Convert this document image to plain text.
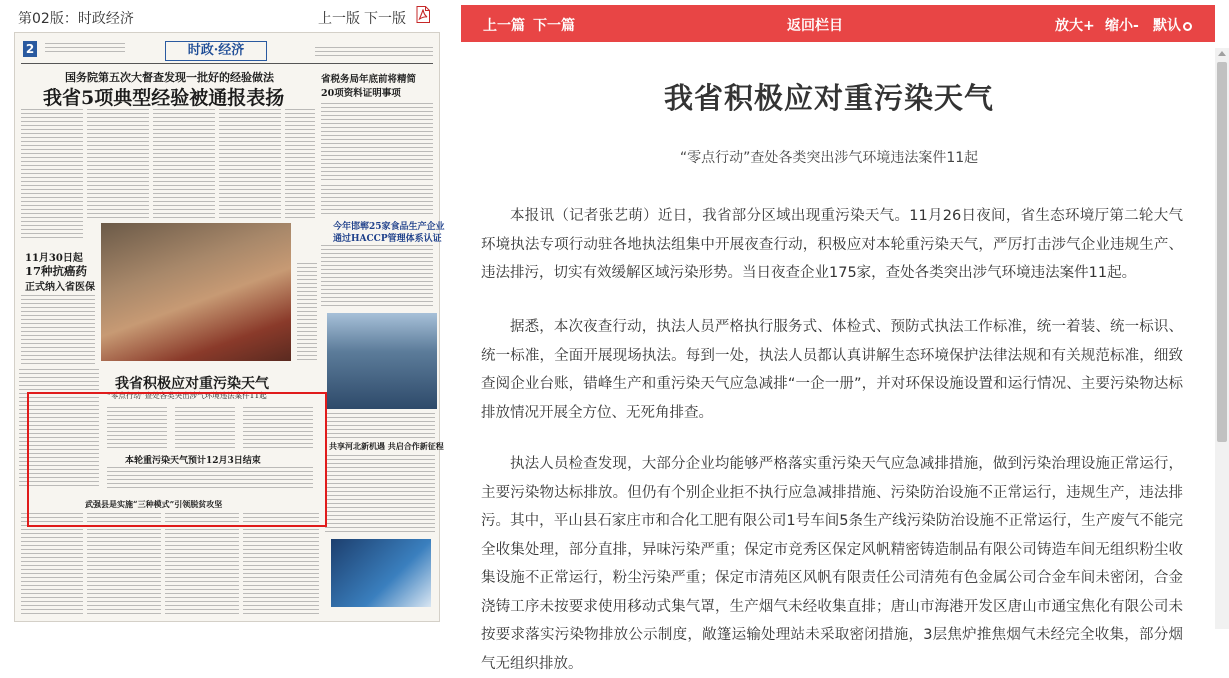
第02版：时政经济	上一版 下一版
2	时政·经济
国务院第五次大督查发现一批好的经验做法
我省5项典型经验被通报表扬
省税务局年底前将精简
20项资料证明事项
今年邯郸25家食品生产企业
通过HACCP管理体系认证
11月30日起
17种抗癌药
正式纳入省医保
我省积极应对重污染天气
“零点行动”查处各类突出涉气环境违法案件11起
本轮重污染天气预计12月3日结束
共享河北新机遇 共启合作新征程
武强县是实施“三种模式”引领脱贫攻坚
上一篇 下一篇	返回栏目	放大+ 缩小- 默认
我省积极应对重污染天气
“零点行动”查处各类突出涉气环境违法案件11起

本报讯（记者张艺萌）近日，我省部分区域出现重污染天气。11月26日夜间，省生态环境厅第二轮大气环境执法专项行动驻各地执法组集中开展夜查行动，积极应对本轮重污染天气，严厉打击涉气企业违规生产、违法排污，切实有效缓解区域污染形势。当日夜查企业175家，查处各类突出涉气环境违法案件11起。

据悉，本次夜查行动，执法人员严格执行服务式、体检式、预防式执法工作标准，统一着装、统一标识、统一标准，全面开展现场执法。每到一处，执法人员都认真讲解生态环境保护法律法规和有关规范标准，细致查阅企业台账，错峰生产和重污染天气应急减排“一企一册”，并对环保设施设置和运行情况、主要污染物达标排放情况开展全方位、无死角排查。

执法人员检查发现，大部分企业均能够严格落实重污染天气应急减排措施，做到污染治理设施正常运行，主要污染物达标排放。但仍有个别企业拒不执行应急减排措施、污染防治设施不正常运行，违规生产，违法排污。其中，平山县石家庄市和合化工肥有限公司1号车间5条生产线污染防治设施不正常运行，生产废气不能完全收集处理，部分直排，异味污染严重；保定市竞秀区保定风帆精密铸造制品有限公司铸造车间无组织粉尘收集设施不正常运行，粉尘污染严重；保定市清苑区风帆有限责任公司清苑有色金属公司合金车间未密闭，合金浇铸工序未按要求使用移动式集气罩，生产烟气未经收集直排；唐山市海港开发区唐山市通宝焦化有限公司未按要求落实污染物排放公示制度，敞篷运输处理站未采取密闭措施，3层焦炉推焦烟气未经完全收集，部分烟气无组织排放。
